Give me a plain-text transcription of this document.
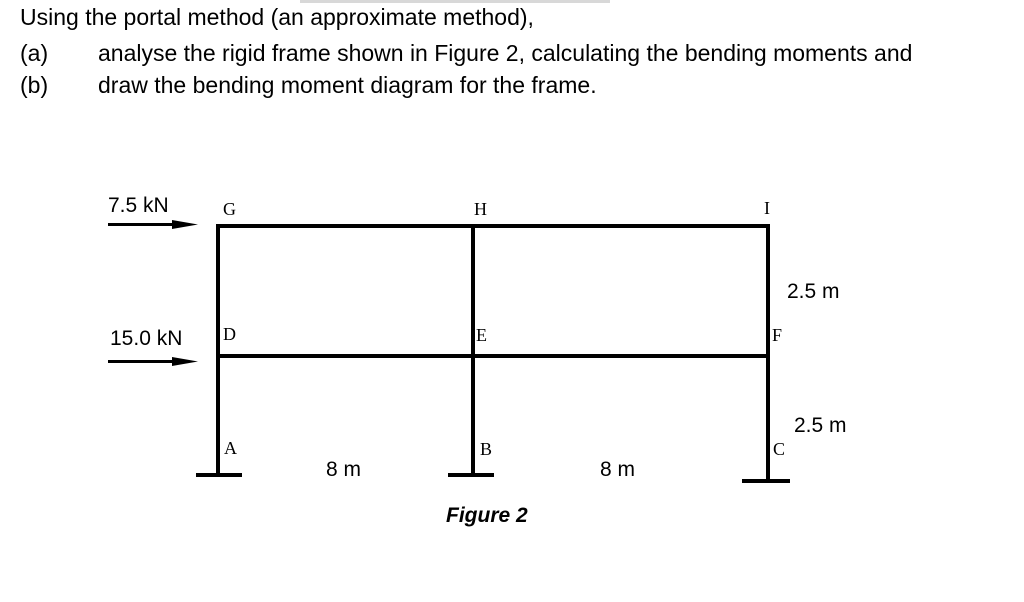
Using the portal method (an approximate method),
(a) analyse the rigid frame shown in Figure 2, calculating the bending moments and
(b) draw the bending moment diagram for the frame.
7.5 kN
15.0 kN
G	H	I
D	E	F
A	B	C
8 m	8 m
2.5 m
2.5 m
Figure 2
